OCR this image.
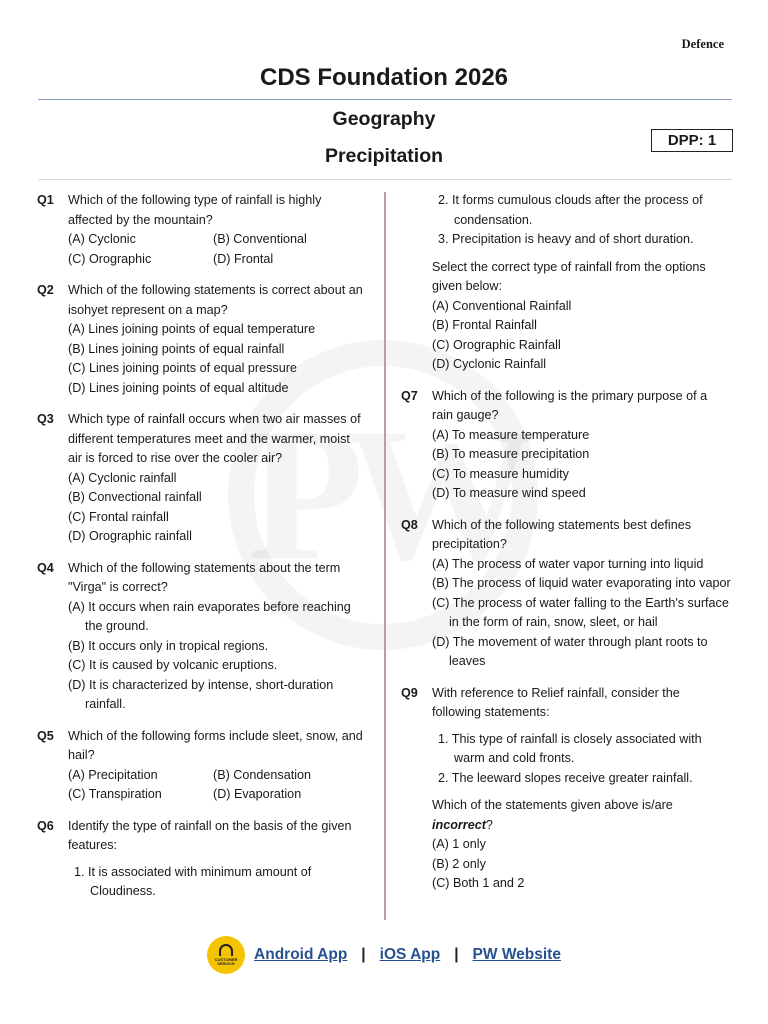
Defence
CDS Foundation 2026
Geography
Precipitation
DPP: 1
Q1	Which of the following type of rainfall is highly affected by the mountain?
(A) Cyclonic	(B) Conventional
(C) Orographic	(D) Frontal
Q2	Which of the following statements is correct about an isohyet represent on a map?
(A) Lines joining points of equal temperature
(B) Lines joining points of equal rainfall
(C) Lines joining points of equal pressure
(D) Lines joining points of equal altitude
Q3	Which type of rainfall occurs when two air masses of different temperatures meet and the warmer, moist air is forced to rise over the cooler air?
(A) Cyclonic rainfall
(B) Convectional rainfall
(C) Frontal rainfall
(D) Orographic rainfall
Q4	Which of the following statements about the term "Virga" is correct?
(A) It occurs when rain evaporates before reaching the ground.
(B) It occurs only in tropical regions.
(C) It is caused by volcanic eruptions.
(D) It is characterized by intense, short-duration rainfall.
Q5	Which of the following forms include sleet, snow, and hail?
(A) Precipitation	(B) Condensation
(C) Transpiration	(D) Evaporation
Q6	Identify the type of rainfall on the basis of the given features:
1. It is associated with minimum amount of Cloudiness.
2. It forms cumulous clouds after the process of condensation.
3. Precipitation is heavy and of short duration.
Select the correct type of rainfall from the options given below:
(A) Conventional Rainfall
(B) Frontal Rainfall
(C) Orographic Rainfall
(D) Cyclonic Rainfall
Q7	Which of the following is the primary purpose of a rain gauge?
(A) To measure temperature
(B) To measure precipitation
(C) To measure humidity
(D) To measure wind speed
Q8	Which of the following statements best defines precipitation?
(A) The process of water vapor turning into liquid
(B) The process of liquid water evaporating into vapor
(C) The process of water falling to the Earth's surface in the form of rain, snow, sleet, or hail
(D) The movement of water through plant roots to leaves
Q9	With reference to Relief rainfall, consider the following statements:
1. This type of rainfall is closely associated with warm and cold fronts.
2. The leeward slopes receive greater rainfall.
Which of the statements given above is/are incorrect?
(A) 1 only
(B) 2 only
(C) Both 1 and 2
CUSTOMER SERVICE
Android App | iOS App | PW Website
